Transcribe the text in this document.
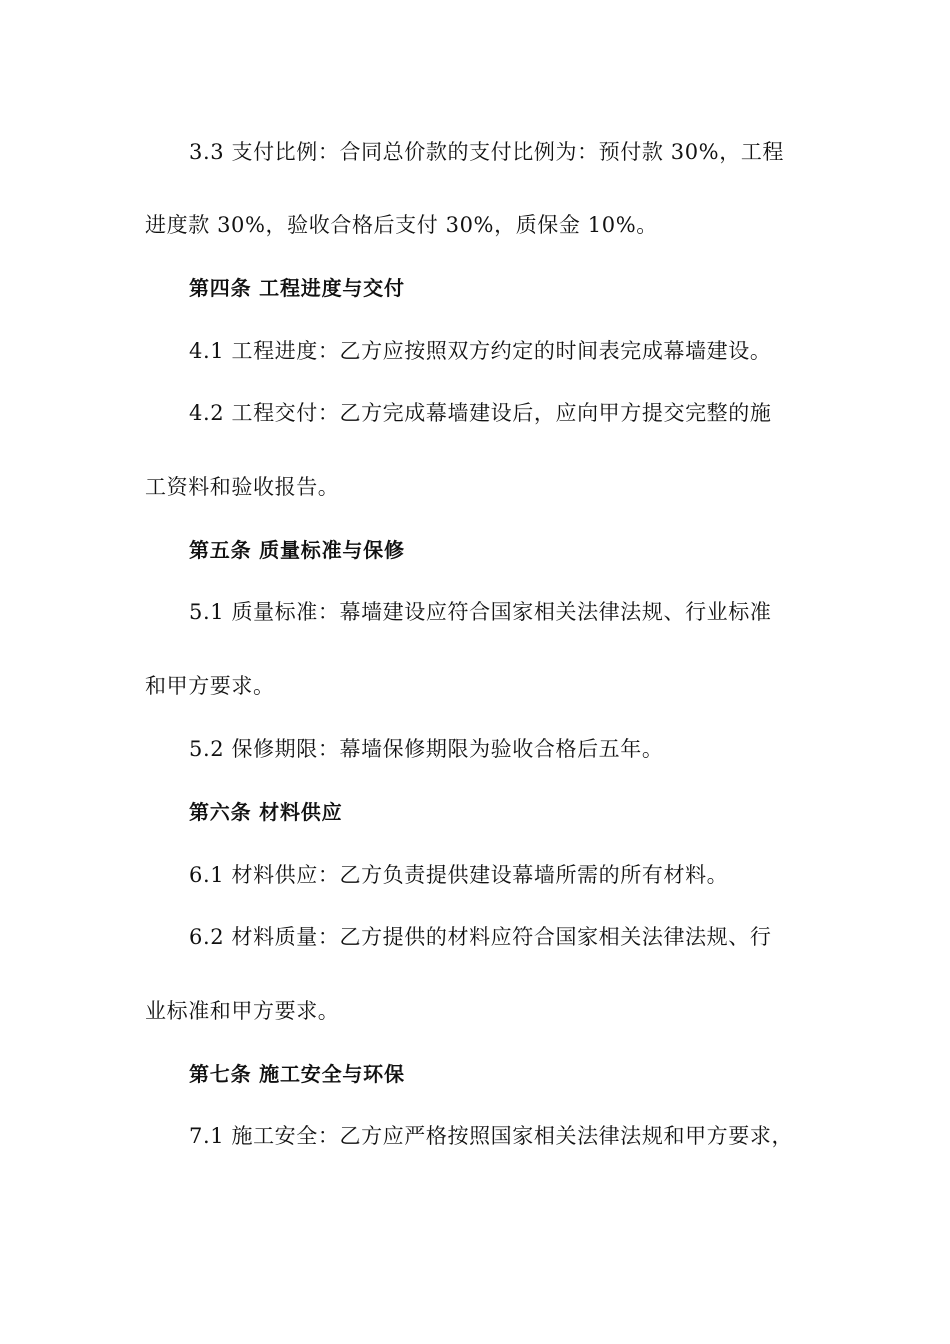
3.3 支付比例：合同总价款的支付比例为：预付款 30%，工程
进度款 30%，验收合格后支付 30%，质保金 10%。
第四条 工程进度与交付
4.1 工程进度：乙方应按照双方约定的时间表完成幕墙建设。
4.2 工程交付：乙方完成幕墙建设后，应向甲方提交完整的施
工资料和验收报告。
第五条 质量标准与保修
5.1 质量标准：幕墙建设应符合国家相关法律法规、行业标准
和甲方要求。
5.2 保修期限：幕墙保修期限为验收合格后五年。
第六条 材料供应
6.1 材料供应：乙方负责提供建设幕墙所需的所有材料。
6.2 材料质量：乙方提供的材料应符合国家相关法律法规、行
业标准和甲方要求。
第七条 施工安全与环保
7.1 施工安全：乙方应严格按照国家相关法律法规和甲方要求，
